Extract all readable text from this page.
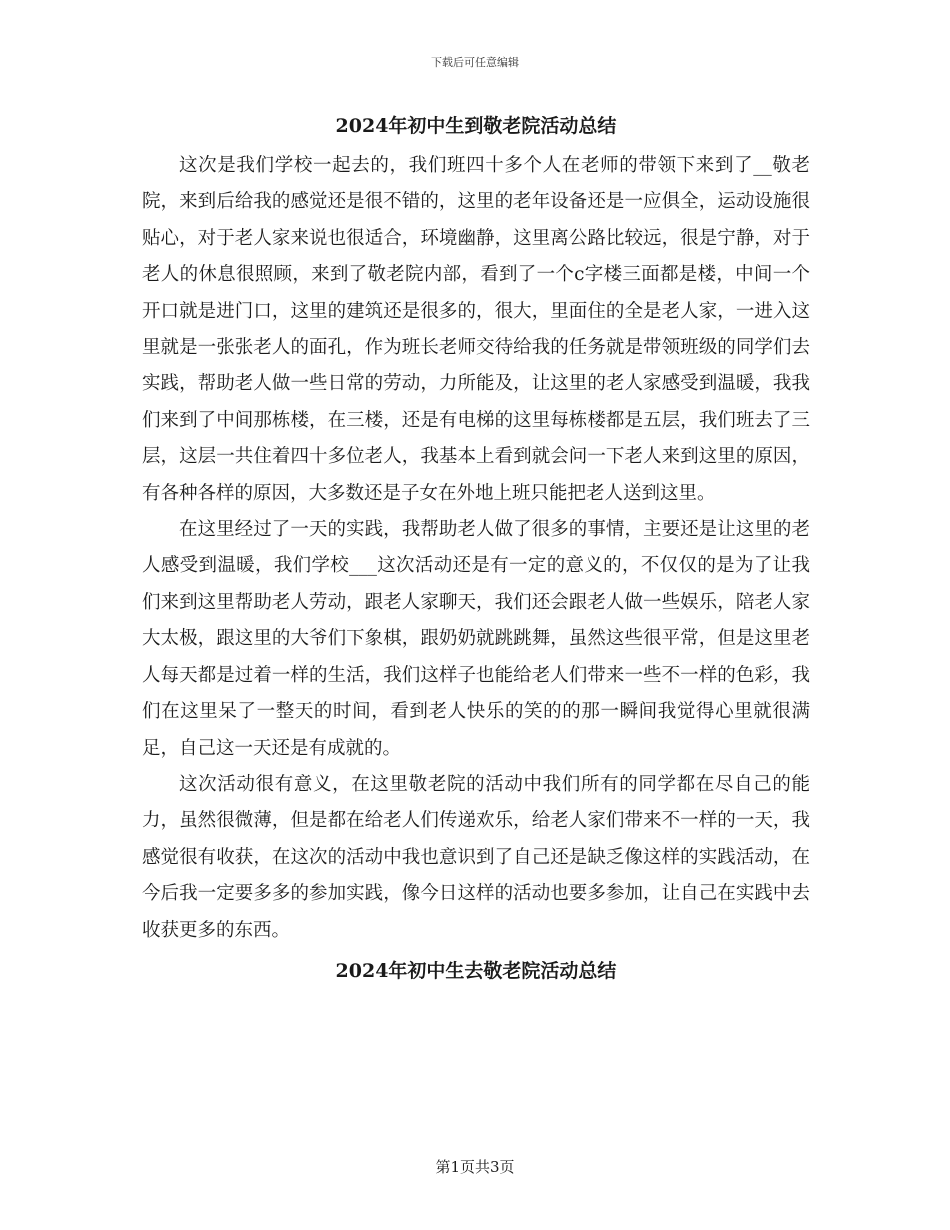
下载后可任意编辑
2024年初中生到敬老院活动总结

这次是我们学校一起去的，我们班四十多个人在老师的带领下来到了__敬老院，来到后给我的感觉还是很不错的，这里的老年设备还是一应俱全，运动设施很贴心，对于老人家来说也很适合，环境幽静，这里离公路比较远，很是宁静，对于老人的休息很照顾，来到了敬老院内部，看到了一个c字楼三面都是楼，中间一个开口就是进门口，这里的建筑还是很多的，很大，里面住的全是老人家，一进入这里就是一张张老人的面孔，作为班长老师交待给我的任务就是带领班级的同学们去实践，帮助老人做一些日常的劳动，力所能及，让这里的老人家感受到温暖，我我们来到了中间那栋楼，在三楼，还是有电梯的这里每栋楼都是五层，我们班去了三层，这层一共住着四十多位老人，我基本上看到就会问一下老人来到这里的原因，有各种各样的原因，大多数还是子女在外地上班只能把老人送到这里。

在这里经过了一天的实践，我帮助老人做了很多的事情，主要还是让这里的老人感受到温暖，我们学校___这次活动还是有一定的意义的，不仅仅的是为了让我们来到这里帮助老人劳动，跟老人家聊天，我们还会跟老人做一些娱乐，陪老人家大太极，跟这里的大爷们下象棋，跟奶奶就跳跳舞，虽然这些很平常，但是这里老人每天都是过着一样的生活，我们这样子也能给老人们带来一些不一样的色彩，我们在这里呆了一整天的时间，看到老人快乐的笑的的那一瞬间我觉得心里就很满足，自己这一天还是有成就的。

这次活动很有意义，在这里敬老院的活动中我们所有的同学都在尽自己的能力，虽然很微薄，但是都在给老人们传递欢乐，给老人家们带来不一样的一天，我感觉很有收获，在这次的活动中我也意识到了自己还是缺乏像这样的实践活动，在今后我一定要多多的参加实践，像今日这样的活动也要多参加，让自己在实践中去收获更多的东西。

2024年初中生去敬老院活动总结
第1页共3页
